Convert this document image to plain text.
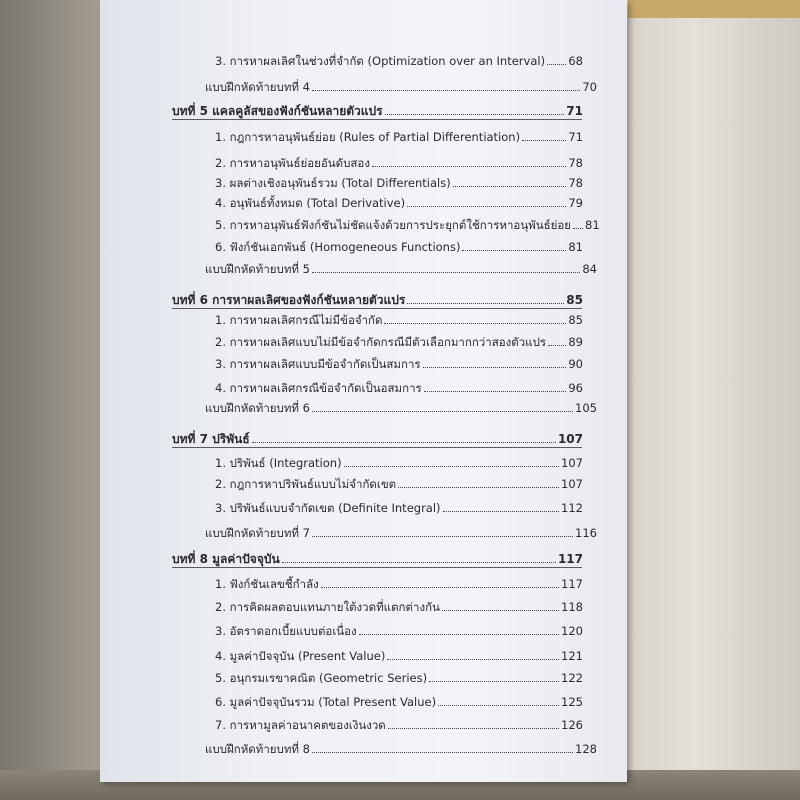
3. การหาผลเลิศในช่วงที่จำกัด (Optimization over an Interval) 68
แบบฝึกหัดท้ายบทที่ 4	70
บทที่ 5 แคลคูลัสของฟังก์ชันหลายตัวแปร	71
1. กฎการหาอนุพันธ์ย่อย (Rules of Partial Differentiation)	71
2. การหาอนุพันธ์ย่อยอันดับสอง	78
3. ผลต่างเชิงอนุพันธ์รวม (Total Differentials)	78
4. อนุพันธ์ทั้งหมด (Total Derivative)	79
5. การหาอนุพันธ์ฟังก์ชันไม่ชัดแจ้งด้วยการประยุกต์ใช้การหาอนุพันธ์ย่อย 81
6. ฟังก์ชันเอกพันธ์ (Homogeneous Functions)	81
แบบฝึกหัดท้ายบทที่ 5	84
บทที่ 6 การหาผลเลิศของฟังก์ชันหลายตัวแปร	85
1. การหาผลเลิศกรณีไม่มีข้อจำกัด	85
2. การหาผลเลิศแบบไม่มีข้อจำกัดกรณีมีตัวเลือกมากกว่าสองตัวแปร 89
3. การหาผลเลิศแบบมีข้อจำกัดเป็นสมการ	90
4. การหาผลเลิศกรณีข้อจำกัดเป็นอสมการ	96
แบบฝึกหัดท้ายบทที่ 6	105
บทที่ 7 ปริพันธ์	107
1. ปริพันธ์ (Integration)	107
2. กฎการหาปริพันธ์แบบไม่จำกัดเขต	107
3. ปริพันธ์แบบจำกัดเขต (Definite Integral)	112
แบบฝึกหัดท้ายบทที่ 7	116
บทที่ 8 มูลค่าปัจจุบัน	117
1. ฟังก์ชันเลขชี้กำลัง	117
2. การคิดผลตอบแทนภายใต้งวดที่แตกต่างกัน	118
3. อัตราดอกเบี้ยแบบต่อเนื่อง	120
4. มูลค่าปัจจุบัน (Present Value)	121
5. อนุกรมเรขาคณิต (Geometric Series)	122
6. มูลค่าปัจจุบันรวม (Total Present Value)	125
7. การหามูลค่าอนาคตของเงินงวด	126
แบบฝึกหัดท้ายบทที่ 8	128
